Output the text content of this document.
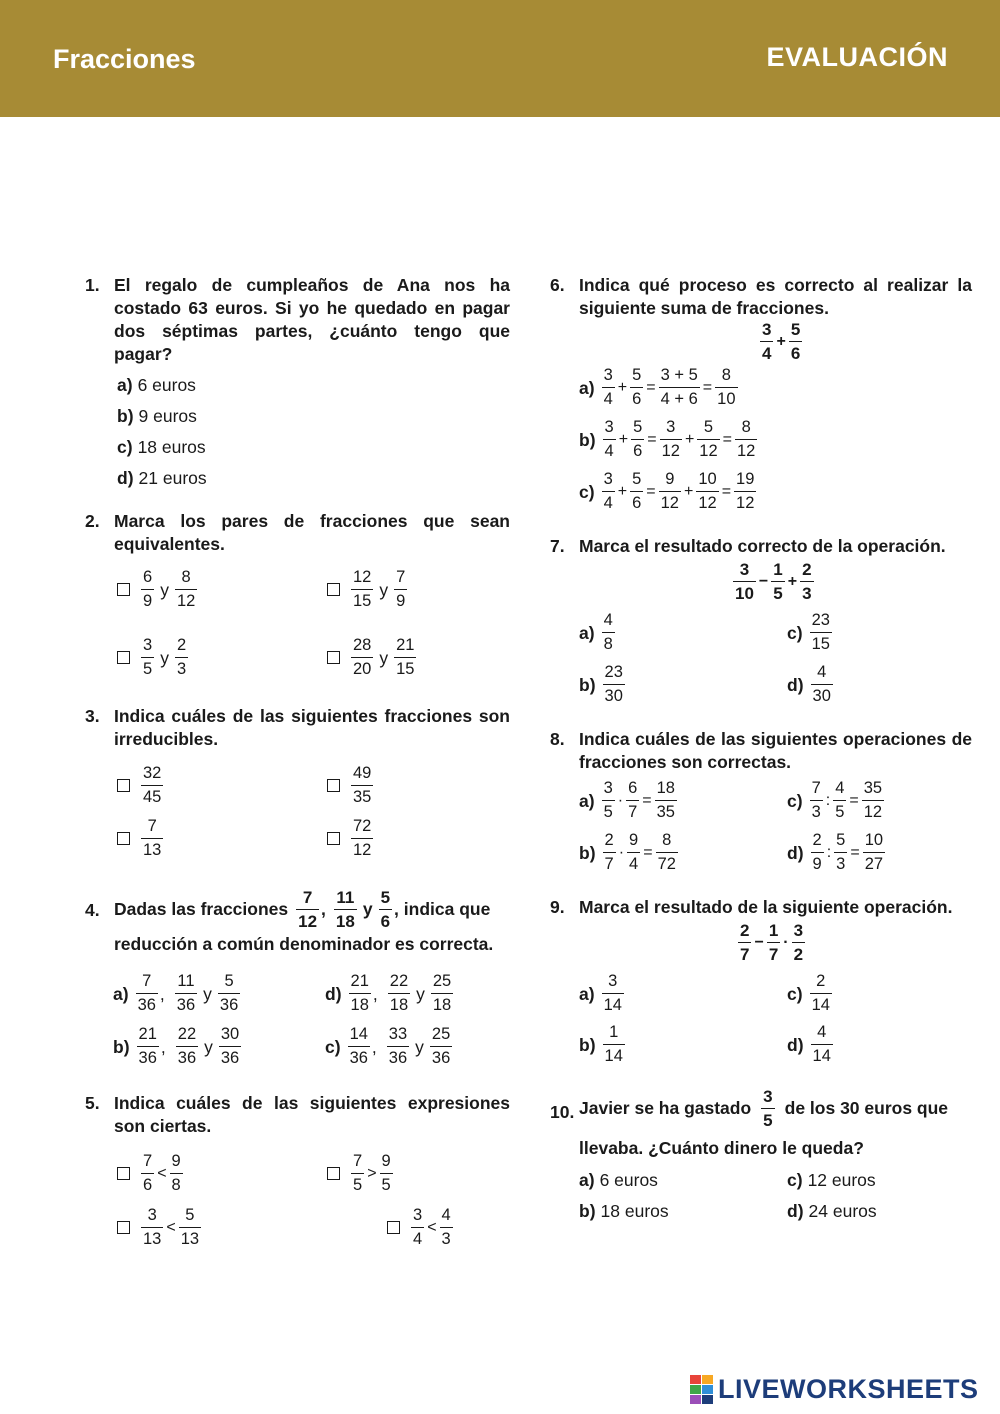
Fracciones	EVALUACIÓN
1. El regalo de cumpleaños de Ana nos ha costado 63 euros. Si yo he quedado en pagar dos séptimas partes, ¿cuánto tengo que pagar?
a) 6 euros
b) 9 euros
c) 18 euros
d) 21 euros
2. Marca los pares de fracciones que sean equivalentes.
$\frac{6}{9}$ y $\frac{8}{12}$	$\frac{12}{15}$ y $\frac{7}{9}$
$\frac{3}{5}$ y $\frac{2}{3}$	$\frac{28}{20}$ y $\frac{21}{15}$
3. Indica cuáles de las siguientes fracciones son irreducibles.
$\frac{32}{45}$	$\frac{49}{35}$
$\frac{7}{13}$	$\frac{72}{12}$
4. Dadas las fracciones $\frac{7}{12}$ , $\frac{11}{18}$ y $\frac{5}{6}$ , indica que
reducción a común denominador es correcta.
$a) \frac{7}{36}$ , $\frac{11}{36}$ y $\frac{5}{36}$	$d) \frac{21}{18}$ , $\frac{22}{18}$ y $\frac{25}{18}$
$b) \frac{21}{36}$ , $\frac{22}{36}$ y $\frac{30}{36}$	$c) \frac{14}{36}$ , $\frac{33}{36}$ y $\frac{25}{36}$
5. Indica cuáles de las siguientes expresiones son ciertas.
$\frac{7}{6} < \frac{9}{8}$	$\frac{7}{5} > \frac{9}{5}$
$\frac{3}{13} < \frac{5}{13}$	$\frac{3}{4} < \frac{4}{3}$
6. Indica qué proceso es correcto al realizar la siguiente suma de fracciones.
$\frac{3}{4} + \frac{5}{6}$
$a) \frac{3}{4} + \frac{5}{6} = \frac{3 + 5}{4 + 6} = \frac{8}{10}$
$b) \frac{3}{4} + \frac{5}{6} = \frac{3}{12} + \frac{5}{12} = \frac{8}{12}$
$c) \frac{3}{4} + \frac{5}{6} = \frac{9}{12} + \frac{10}{12} = \frac{19}{12}$
7. Marca el resultado correcto de la operación.
$\frac{3}{10} - \frac{1}{5} + \frac{2}{3}$
$a) \frac{4}{8}$	$c) \frac{23}{15}$
$b) \frac{23}{30}$	$d) \frac{4}{30}$
8. Indica cuáles de las siguientes operaciones de fracciones son correctas.
$a) \frac{3}{5} \cdot \frac{6}{7} = \frac{18}{35}$	$c) \frac{7}{3}$ : $\frac{4}{5} = \frac{35}{12}$
$b) \frac{2}{7} \cdot \frac{9}{4} = \frac{8}{72}$	$d) \frac{2}{9}$ : $\frac{5}{3} = \frac{10}{27}$
9. Marca el resultado de la siguiente operación.
$\frac{2}{7} - \frac{1}{7} \cdot \frac{3}{2}$
$a) \frac{3}{14}$	$c) \frac{2}{14}$
$b) \frac{1}{14}$	$d) \frac{4}{14}$
10. Javier se ha gastado $\frac{3}{5}$ de los 30 euros que
llevaba. ¿Cuánto dinero le queda?
a) 6 euros	c) 12 euros
b) 18 euros	d) 24 euros
LIVEWORKSHEETS
